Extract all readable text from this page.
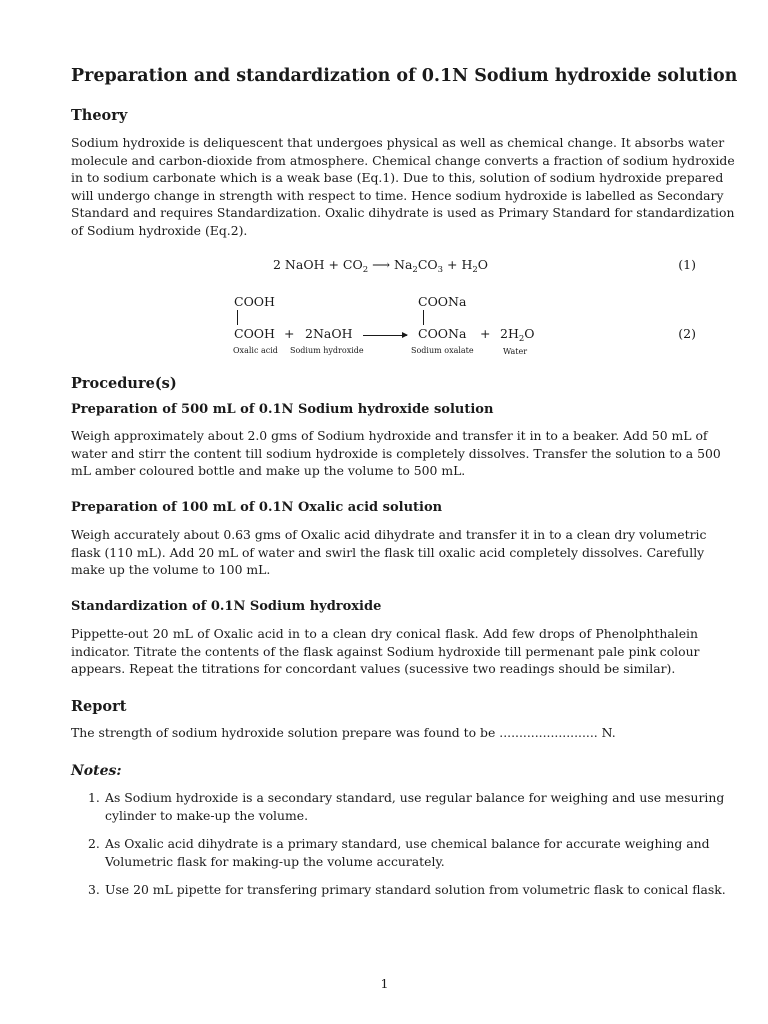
Preparation and standardization of 0.1N Sodium hydroxide solution
Theory

Sodium hydroxide is deliquescent that undergoes physical as well as chemical change. It absorbs water
molecule and carbon-dioxide from atmosphere. Chemical change converts a fraction of sodium hydroxide
in to sodium carbonate which is a weak base (Eq.1). Due to this, solution of sodium hydroxide prepared
will undergo change in strength with respect to time. Hence sodium hydroxide is labelled as Secondary
Standard and requires Standardization. Oxalic dihydrate is used as Primary Standard for standardization
of Sodium hydroxide (Eq.2).

2 NaOH + $CO_2$ ⟶ $Na_2CO_3 + H_2O$	(1)
COOH
COOH + 2NaOH →
COONa
COONa + $2H_2O$	(2)
Oxalic acid Sodium hydroxide	Sodium oxalate	Water
Procedure(s)
Preparation of 500 mL of 0.1N Sodium hydroxide solution

Weigh approximately about 2.0 gms of Sodium hydroxide and transfer it in to a beaker. Add 50 mL of
water and stirr the content till sodium hydroxide is completely dissolves. Transfer the solution to a 500
mL amber coloured bottle and make up the volume to 500 mL.

Preparation of 100 mL of 0.1N Oxalic acid solution

Weigh accurately about 0.63 gms of Oxalic acid dihydrate and transfer it in to a clean dry volumetric
flask (110 mL). Add 20 mL of water and swirl the flask till oxalic acid completely dissolves. Carefully
make up the volume to 100 mL.

Standardization of 0.1N Sodium hydroxide

Pippette-out 20 mL of Oxalic acid in to a clean dry conical flask. Add few drops of Phenolphthalein
indicator. Titrate the contents of the flask against Sodium hydroxide till permenant pale pink colour
appears. Repeat the titrations for concordant values (sucessive two readings should be similar).

Report

The strength of sodium hydroxide solution prepare was found to be ......................... N.

Notes:
1. As Sodium hydroxide is a secondary standard, use regular balance for weighing and use mesuring
cylinder to make-up the volume.
2. As Oxalic acid dihydrate is a primary standard, use chemical balance for accurate weighing and
Volumetric flask for making-up the volume accurately.
3. Use 20 mL pipette for transfering primary standard solution from volumetric flask to conical flask.
1
